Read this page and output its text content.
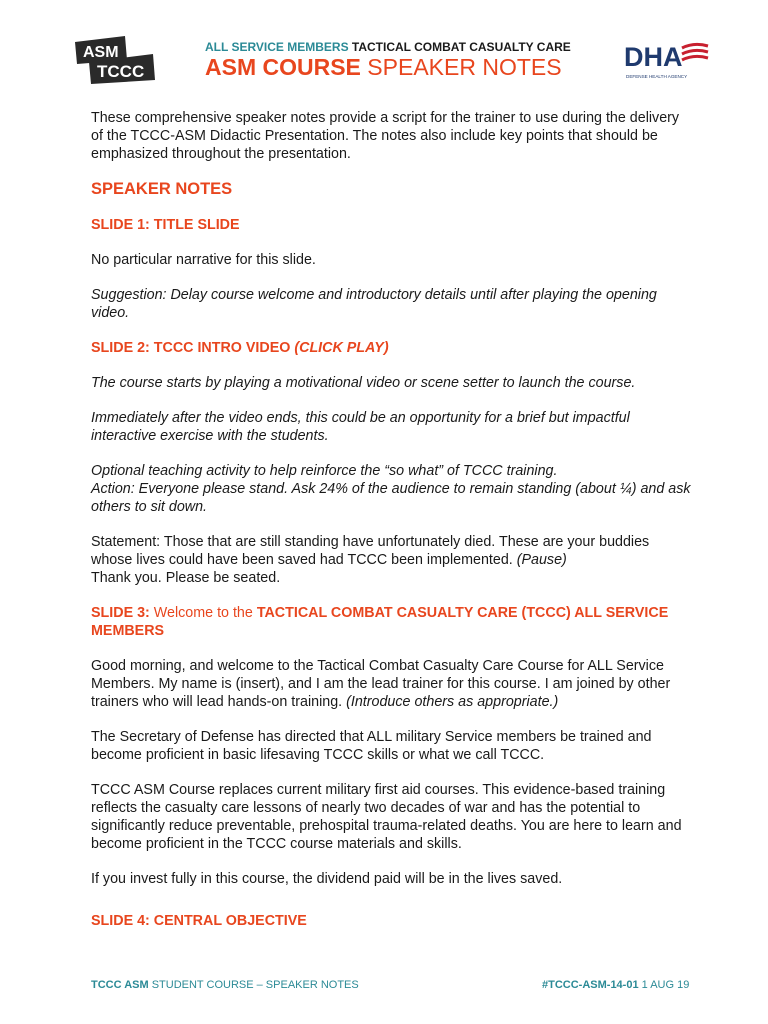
ASM
TCCC
ALL SERVICE MEMBERS TACTICAL COMBAT CASUALTY CARE
ASM COURSE SPEAKER NOTES DHA
DEFENSE HEALTH AGENCY

These comprehensive speaker notes provide a script for the trainer to use during the delivery of the TCCC-ASM Didactic Presentation. The notes also include key points that should be emphasized throughout the presentation.

SPEAKER NOTES

SLIDE 1: TITLE SLIDE

No particular narrative for this slide.

Suggestion: Delay course welcome and introductory details until after playing the opening video.

SLIDE 2: TCCC INTRO VIDEO (CLICK PLAY)

The course starts by playing a motivational video or scene setter to launch the course.

Immediately after the video ends, this could be an opportunity for a brief but impactful interactive exercise with the students.

Optional teaching activity to help reinforce the “so what” of TCCC training.
Action: Everyone please stand. Ask 24% of the audience to remain standing (about ¼) and ask others to sit down.

Statement: Those that are still standing have unfortunately died. These are your buddies whose lives could have been saved had TCCC been implemented. (Pause)
Thank you. Please be seated.

SLIDE 3: Welcome to the TACTICAL COMBAT CASUALTY CARE (TCCC) ALL SERVICE MEMBERS

Good morning, and welcome to the Tactical Combat Casualty Care Course for ALL Service Members. My name is (insert), and I am the lead trainer for this course. I am joined by other trainers who will lead hands-on training. (Introduce others as appropriate.)

The Secretary of Defense has directed that ALL military Service members be trained and become proficient in basic lifesaving TCCC skills or what we call TCCC.

TCCC ASM Course replaces current military first aid courses. This evidence-based training reflects the casualty care lessons of nearly two decades of war and has the potential to significantly reduce preventable, prehospital trauma-related deaths. You are here to learn and become proficient in the TCCC course materials and skills.

If you invest fully in this course, the dividend paid will be in the lives saved.

SLIDE 4: CENTRAL OBJECTIVE

TCCC ASM STUDENT COURSE – SPEAKER NOTES	#TCCC-ASM-14-01 1 AUG 19
